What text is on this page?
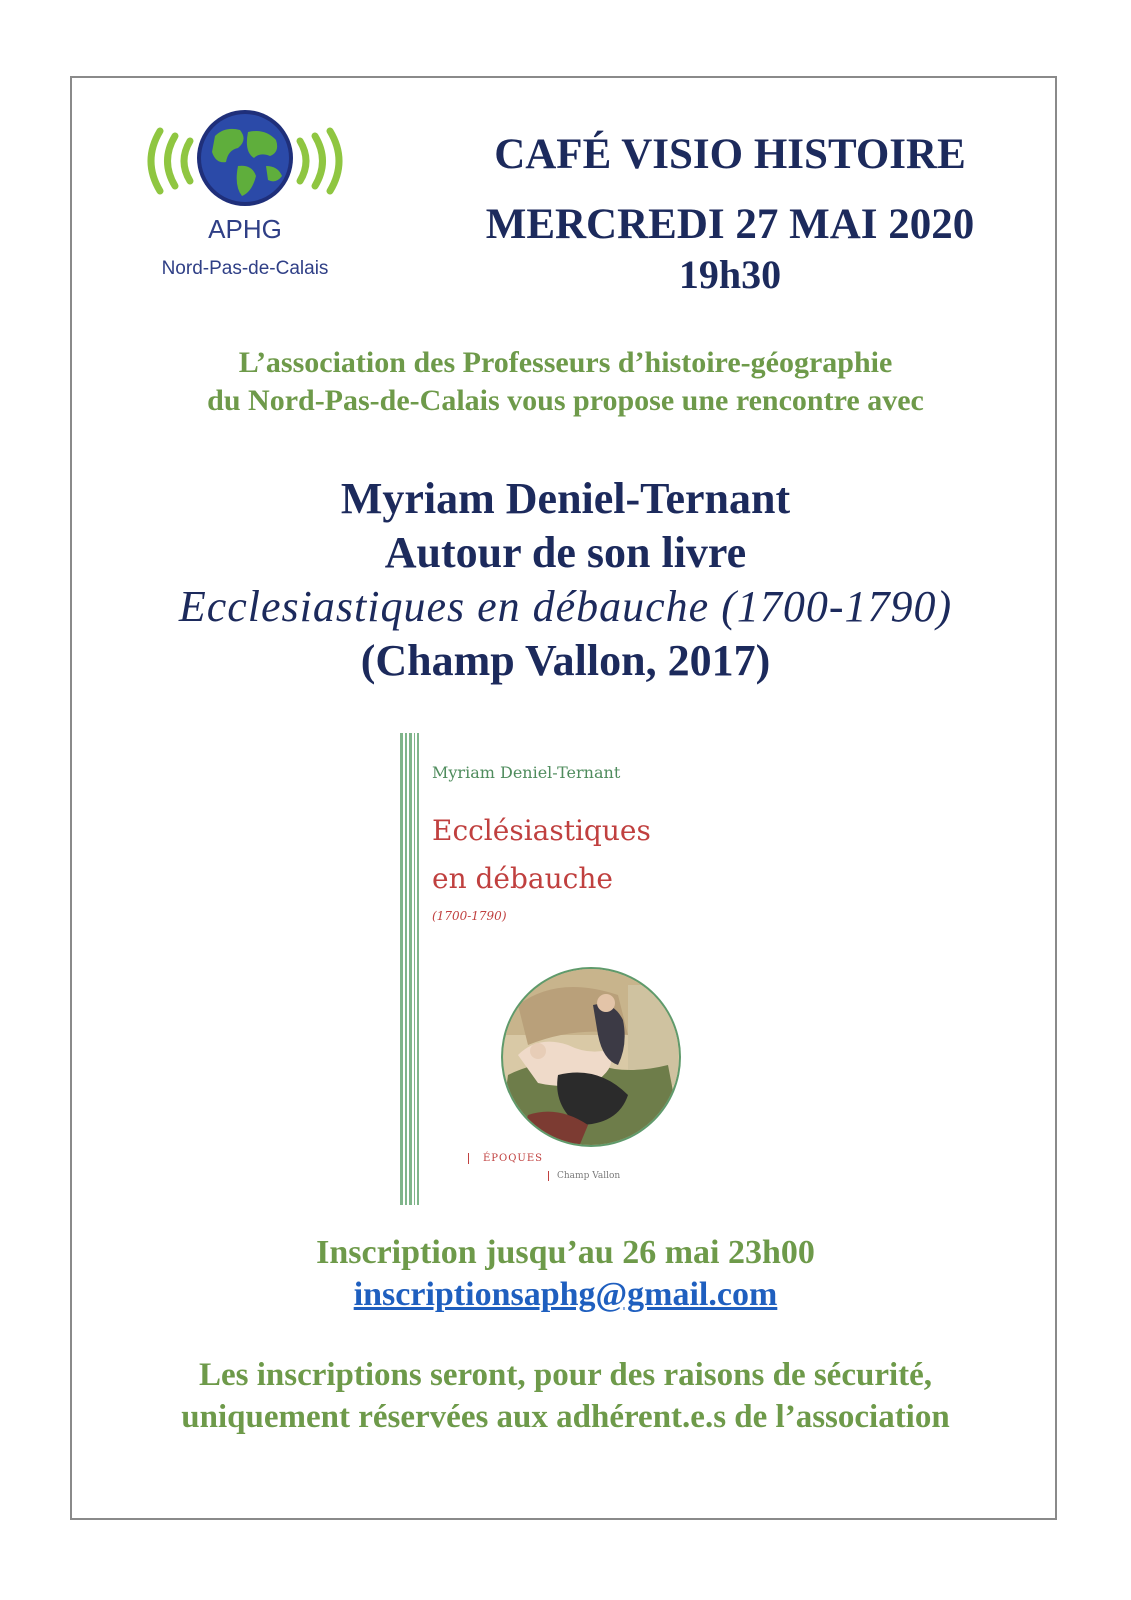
APHG
Nord-Pas-de-Calais
CAFÉ VISIO HISTOIRE
MERCREDI 27 MAI 2020
19h30
L’association des Professeurs d’histoire-géographie
du Nord-Pas-de-Calais vous propose une rencontre avec
Myriam Deniel-Ternant
Autour de son livre
Ecclesiastiques en débauche (1700-1790)
(Champ Vallon, 2017)
Myriam Deniel-Ternant
Ecclésiastiques
en débauche
(1700-1790)
ÉPOQUES
Champ Vallon
Inscription jusqu’au 26 mai 23h00
inscriptionsaphg@gmail.com
Les inscriptions seront, pour des raisons de sécurité,
uniquement réservées aux adhérent.e.s de l’association
